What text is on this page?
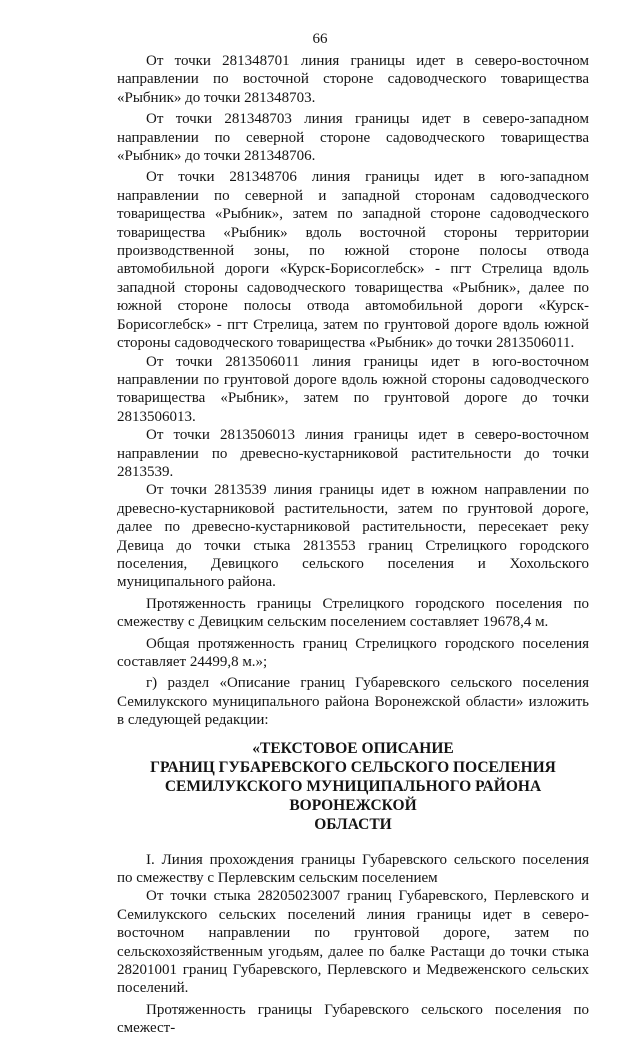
66

От точки 281348701 линия границы идет в северо-восточном направлении по восточной стороне садоводческого товарищества «Рыбник» до точки 281348703.

От точки 281348703 линия границы идет в северо-западном направлении по северной стороне садоводческого товарищества «Рыбник» до точки 281348706.

От точки 281348706 линия границы идет в юго-западном направлении по северной и западной сторонам садоводческого товарищества «Рыбник», затем по западной стороне садоводческого товарищества «Рыбник» вдоль восточной стороны территории производственной зоны, по южной стороне полосы отвода автомобильной дороги «Курск-Борисоглебск» - пгт Стрелица вдоль западной стороны садоводческого товарищества «Рыбник», далее по южной стороне полосы отвода автомобильной дороги «Курск-Борисоглебск» - пгт Стрелица, затем по грунтовой дороге вдоль южной стороны садоводческого товарищества «Рыбник» до точки 2813506011.

От точки 2813506011 линия границы идет в юго-восточном направлении по грунтовой дороге вдоль южной стороны садоводческого товарищества «Рыбник», затем по грунтовой дороге до точки 2813506013.

От точки 2813506013 линия границы идет в северо-восточном направлении по древесно-кустарниковой растительности до точки 2813539.

От точки 2813539 линия границы идет в южном направлении по древесно-кустарниковой растительности, затем по грунтовой дороге, далее по древесно-кустарниковой растительности, пересекает реку Девица до точки стыка 2813553 границ Стрелицкого городского поселения, Девицкого сельского поселения и Хохольского муниципального района.

Протяженность границы Стрелицкого городского поселения по смежеству с Девицким сельским поселением составляет 19678,4 м.

Общая протяженность границ Стрелицкого городского поселения составляет 24499,8 м.»;

г) раздел «Описание границ Губаревского сельского поселения Семилукского муниципального района Воронежской области» изложить в следующей редакции:

«ТЕКСТОВОЕ ОПИСАНИЕ
ГРАНИЦ ГУБАРЕВСКОГО СЕЛЬСКОГО ПОСЕЛЕНИЯ
СЕМИЛУКСКОГО МУНИЦИПАЛЬНОГО РАЙОНА ВОРОНЕЖСКОЙ
ОБЛАСТИ

I. Линия прохождения границы Губаревского сельского поселения по смежеству с Перлевским сельским поселением

От точки стыка 28205023007 границ Губаревского, Перлевского и Семилукского сельских поселений линия границы идет в северо-восточном направлении по грунтовой дороге, затем по сельскохозяйственным угодьям, далее по балке Растащи до точки стыка 28201001 границ Губаревского, Перлевского и Медвеженского сельских поселений.

Протяженность границы Губаревского сельского поселения по смежест-
